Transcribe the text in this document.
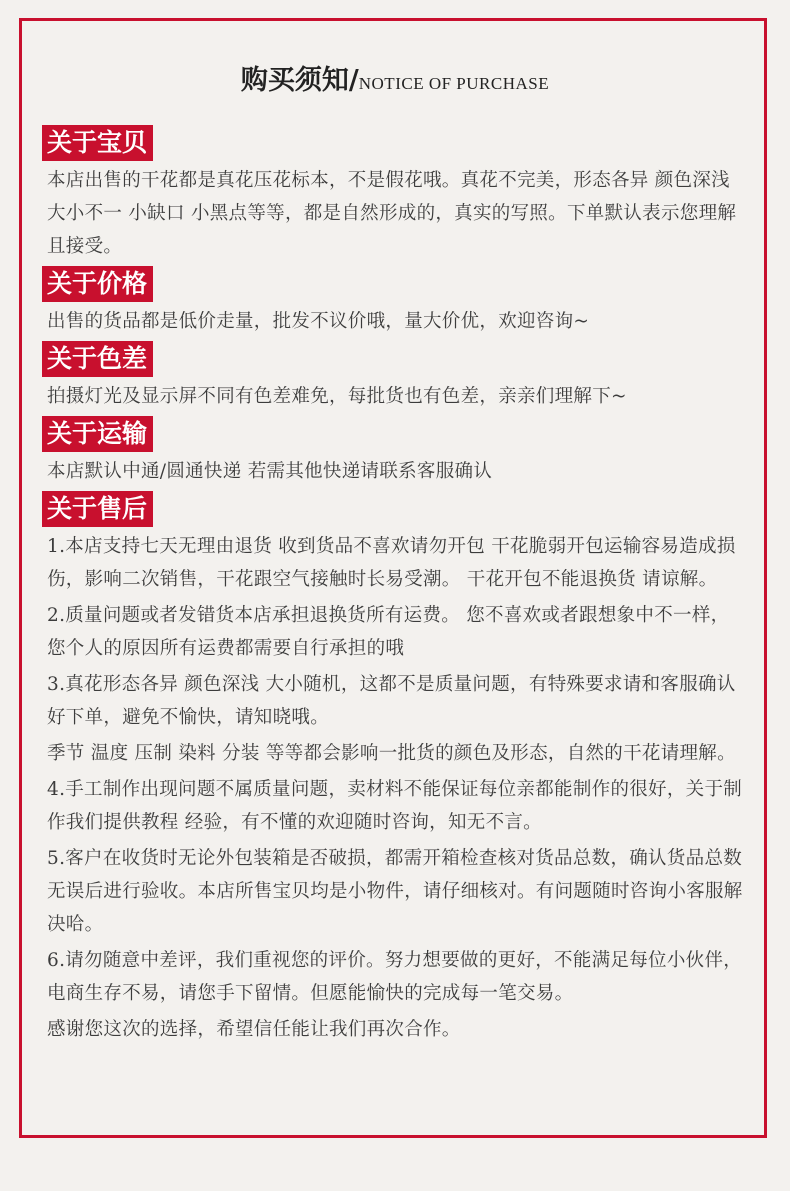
购买须知/NOTICE OF PURCHASE
关于宝贝

本店出售的干花都是真花压花标本，不是假花哦。真花不完美，形态各异 颜色深浅 大小不一 小缺口 小黑点等等，都是自然形成的，真实的写照。下单默认表示您理解且接受。

关于价格

出售的货品都是低价走量，批发不议价哦，量大价优，欢迎咨询~

关于色差

拍摄灯光及显示屏不同有色差难免，每批货也有色差，亲亲们理解下~

关于运输

本店默认中通/圆通快递 若需其他快递请联系客服确认

关于售后

1.本店支持七天无理由退货 收到货品不喜欢请勿开包 干花脆弱开包运输容易造成损伤，影响二次销售，干花跟空气接触时长易受潮。 干花开包不能退换货 请谅解。

2.质量问题或者发错货本店承担退换货所有运费。 您不喜欢或者跟想象中不一样， 您个人的原因所有运费都需要自行承担的哦

3.真花形态各异 颜色深浅 大小随机，这都不是质量问题，有特殊要求请和客服确认好下单，避免不愉快，请知晓哦。

季节 温度 压制 染料 分装 等等都会影响一批货的颜色及形态，自然的干花请理解。

4.手工制作出现问题不属质量问题，卖材料不能保证每位亲都能制作的很好，关于制作我们提供教程 经验，有不懂的欢迎随时咨询，知无不言。

5.客户在收货时无论外包装箱是否破损，都需开箱检查核对货品总数，确认货品总数无误后进行验收。本店所售宝贝均是小物件，请仔细核对。有问题随时咨询小客服解决哈。

6.请勿随意中差评，我们重视您的评价。努力想要做的更好，不能满足每位小伙伴，电商生存不易，请您手下留情。但愿能愉快的完成每一笔交易。

感谢您这次的选择，希望信任能让我们再次合作。
